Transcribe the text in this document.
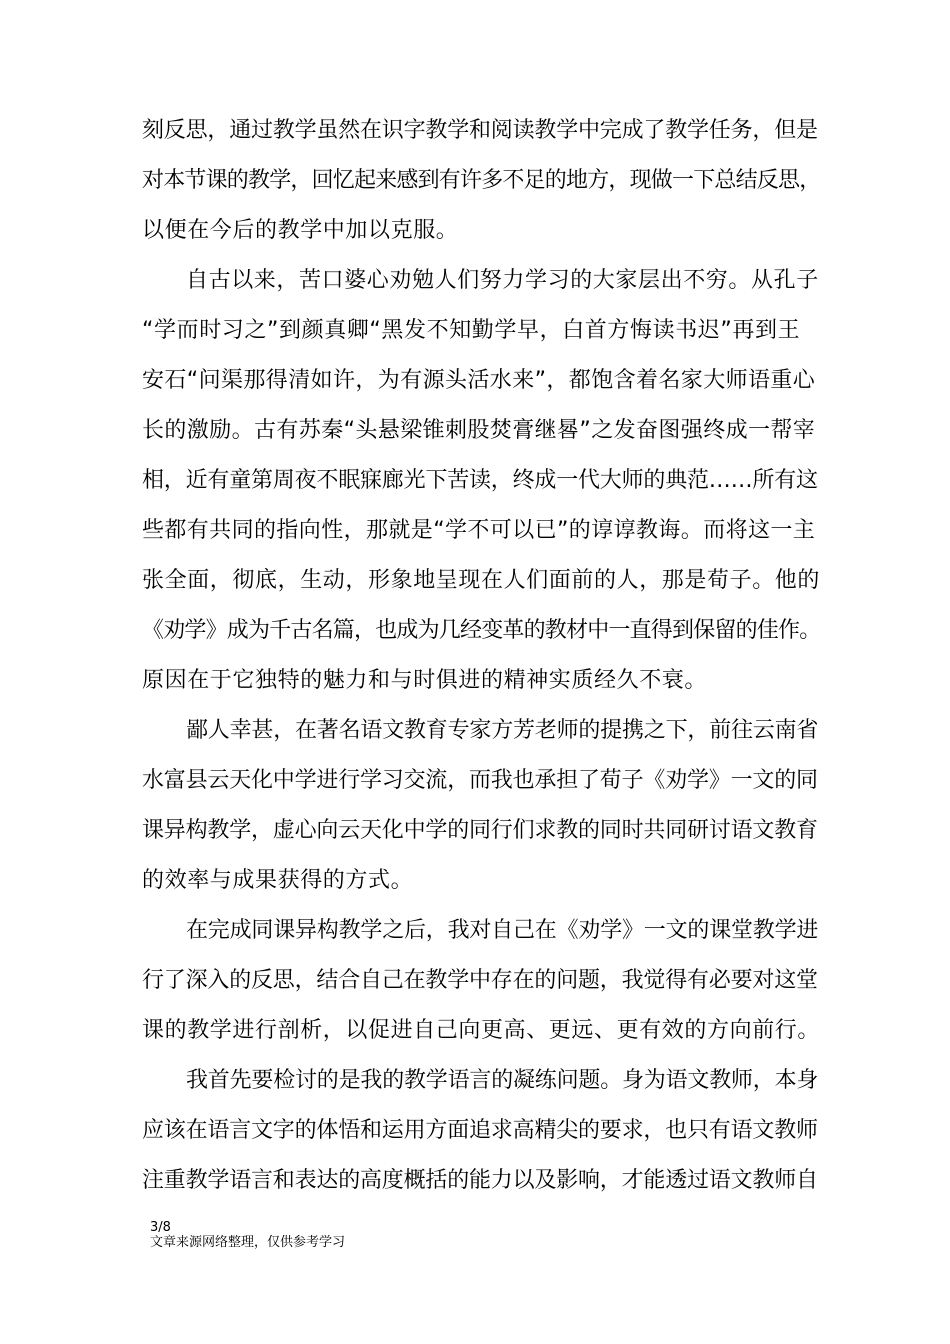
刻反思，通过教学虽然在识字教学和阅读教学中完成了教学任务，但是
对本节课的教学，回忆起来感到有许多不足的地方，现做一下总结反思，
以便在今后的教学中加以克服。
自古以来，苦口婆心劝勉人们努力学习的大家层出不穷。从孔子
“学而时习之”到颜真卿“黑发不知勤学早，白首方悔读书迟”再到王
安石“问渠那得清如许，为有源头活水来”，都饱含着名家大师语重心
长的激励。古有苏秦“头悬梁锥刺股焚膏继晷”之发奋图强终成一帮宰
相，近有童第周夜不眠寐廊光下苦读，终成一代大师的典范……所有这
些都有共同的指向性，那就是“学不可以已”的谆谆教诲。而将这一主
张全面，彻底，生动，形象地呈现在人们面前的人，那是荀子。他的
《劝学》成为千古名篇，也成为几经变革的教材中一直得到保留的佳作。
原因在于它独特的魅力和与时俱进的精神实质经久不衰。
鄙人幸甚，在著名语文教育专家方芳老师的提携之下，前往云南省
水富县云天化中学进行学习交流，而我也承担了荀子《劝学》一文的同
课异构教学，虚心向云天化中学的同行们求教的同时共同研讨语文教育
的效率与成果获得的方式。
在完成同课异构教学之后，我对自己在《劝学》一文的课堂教学进
行了深入的反思，结合自己在教学中存在的问题，我觉得有必要对这堂
课的教学进行剖析，以促进自己向更高、更远、更有效的方向前行。
我首先要检讨的是我的教学语言的凝练问题。身为语文教师，本身
应该在语言文字的体悟和运用方面追求高精尖的要求，也只有语文教师
注重教学语言和表达的高度概括的能力以及影响，才能透过语文教师自
3/8
文章来源网络整理，仅供参考学习
